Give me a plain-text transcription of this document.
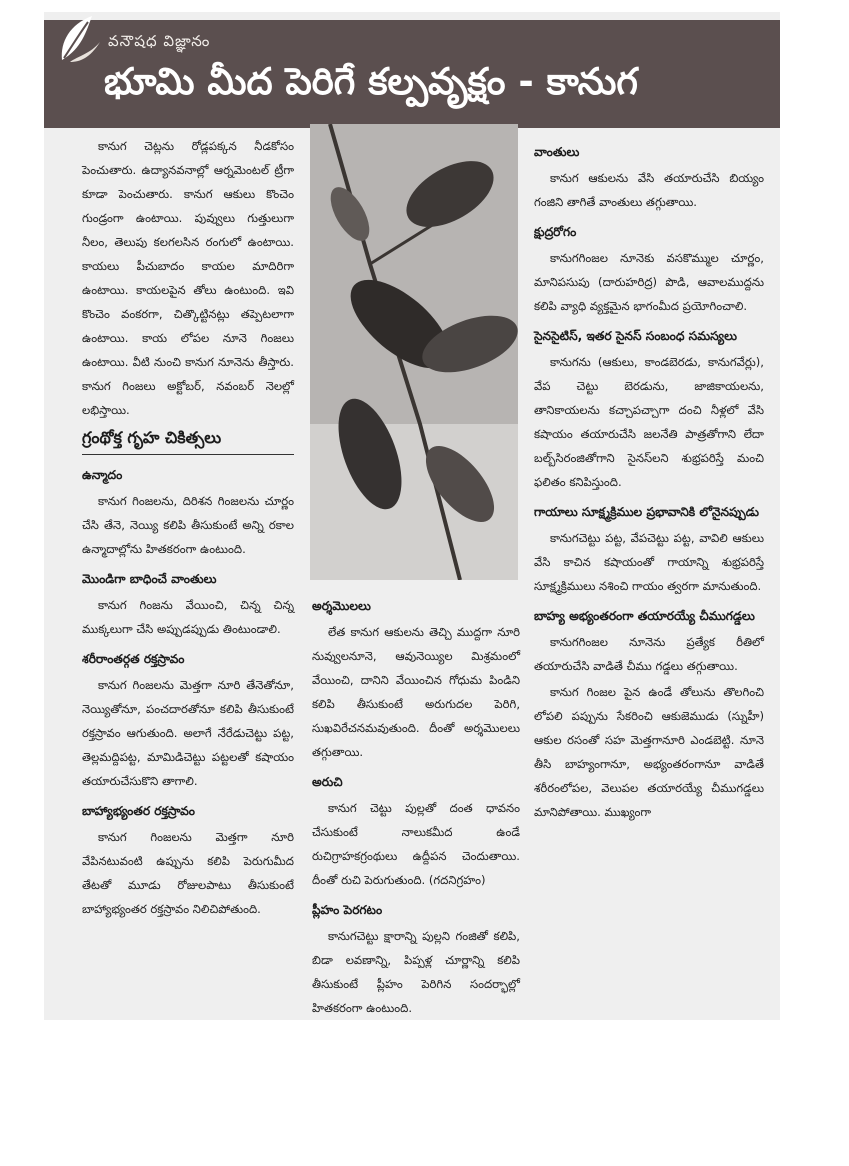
వనౌషధ విజ్ఞానం
భూమి మీద పెరిగే కల్పవృక్షం - కానుగ

కానుగ చెట్లను రోడ్లపక్కన నీడకోసం పెంచుతారు. ఉద్యానవనాల్లో ఆర్నమెంటల్ ట్రీగా కూడా పెంచుతారు. కానుగ ఆకులు కొంచెం గుండ్రంగా ఉంటాయి. పువ్వులు గుత్తులుగా నీలం, తెలుపు కలగలసిన రంగులో ఉంటాయి. కాయలు పీచుబాదం కాయల మాదిరిగా ఉంటాయి. కాయలపైన తోలు ఉంటుంది. ఇవి కొంచెం వంకరగా, చిత్కొట్టినట్లు తప్పెటలాగా ఉంటాయి. కాయ లోపల నూనె గింజలు ఉంటాయి. వీటి నుంచి కానుగ నూనెను తీస్తారు. కానుగ గింజలు అక్టోబర్, నవంబర్ నెలల్లో లభిస్తాయి.

గ్రంథోక్త గృహ చికిత్సలు
ఉన్మాదం

కానుగ గింజలను, దిరిశన గింజలను చూర్ణం చేసి తేనె, నెయ్యి కలిపి తీసుకుంటే అన్ని రకాల ఉన్మాదాల్లోను హితకరంగా ఉంటుంది.

మొండిగా బాధించే వాంతులు

కానుగ గింజను వేయించి, చిన్న చిన్న ముక్కలుగా చేసి అప్పుడప్పుడు తింటుండాలి.

శరీరాంతర్గత రక్తస్రావం

కానుగ గింజలను మెత్తగా నూరి తేనెతోనూ, నెయ్యితోనూ, పంచదారతోనూ కలిపి తీసుకుంటే రక్తస్రావం ఆగుతుంది. అలాగే నేరేడుచెట్టు పట్ట, తెల్లమద్దిపట్ట, మామిడిచెట్టు పట్టలతో కషాయం తయారుచేసుకొని తాగాలి.

బాహ్యాభ్యంతర రక్తస్రావం

కానుగ గింజలను మెత్తగా నూరి వేపినటువంటి ఉప్పును కలిపి పెరుగుమీద తేటతో మూడు రోజులపాటు తీసుకుంటే బాహ్యాభ్యంతర రక్తస్రావం నిలిచిపోతుంది.

అర్శమొలలు

లేత కానుగ ఆకులను తెచ్చి ముద్దగా నూరి నువ్వులనూనె, ఆవునెయ్యిల మిశ్రమంలో వేయించి, దానిని వేయించిన గోధుమ పిండిని కలిపి తీసుకుంటే అరుగుదల పెరిగి, సుఖవిరేచనమవుతుంది. దీంతో అర్శమొలలు తగ్గుతాయి.

అరుచి

కానుగ చెట్టు పుల్లతో దంత ధావనం చేసుకుంటే నాలుకమీద ఉండే రుచిగ్రాహకగ్రంథులు ఉద్దీపన చెందుతాయి. దీంతో రుచి పెరుగుతుంది. (గదనిగ్రహం)

ప్లీహం పెరగటం

కానుగచెట్టు క్షారాన్ని పుల్లని గంజితో కలిపి, బిడా లవణాన్ని, పిప్పళ్ల చూర్ణాన్ని కలిపి తీసుకుంటే ప్లీహం పెరిగిన సందర్భాల్లో హితకరంగా ఉంటుంది.

వాంతులు

కానుగ ఆకులను వేసి తయారుచేసి బియ్యం గంజిని తాగితే వాంతులు తగ్గుతాయి.

క్షుద్రరోగం

కానుగగింజల నూనెకు వసకొమ్ముల చూర్ణం, మానిపసుపు (దారుహరిద్ర) పొడి, ఆవాలముద్దను కలిపి వ్యాధి వ్యక్తమైన భాగంమీద ప్రయోగించాలి.

సైనసైటిస్, ఇతర సైనస్ సంబంధ సమస్యలు

కానుగను (ఆకులు, కాండబెరడు, కానుగవేర్లు), వేప చెట్టు బెరడును, జాజికాయలను, తానికాయలను కచ్చాపచ్చాగా దంచి నీళ్లలో వేసి కషాయం తయారుచేసి జలనేతి పాత్రతోగాని లేదా బల్బ్‌సిరంజితోగాని సైనస్‌లని శుభ్రపరిస్తే మంచి ఫలితం కనిపిస్తుంది.

గాయాలు సూక్ష్మక్రిముల ప్రభావానికి లోనైనప్పుడు

కానుగచెట్టు పట్ట, వేపచెట్టు పట్ట, వావిలి ఆకులు వేసి కాచిన కషాయంతో గాయాన్ని శుభ్రపరిస్తే సూక్ష్మక్రిములు నశించి గాయం త్వరగా మానుతుంది.

బాహ్య అభ్యంతరంగా తయారయ్యే చీముగడ్డలు

కానుగగింజల నూనెను ప్రత్యేక రీతిలో తయారుచేసి వాడితే చీము గడ్డలు తగ్గుతాయి.

కానుగ గింజల పైన ఉండే తోలును తొలగించి లోపలి పప్పును సేకరించి ఆకుజెముడు (స్నుహీ) ఆకుల రసంతో సహ మెత్తగానూరి ఎండబెట్టి. నూనె తీసి బాహ్యంగానూ, అభ్యంతరంగానూ వాడితే శరీరంలోపల, వెలుపల తయారయ్యే చీముగడ్డలు మానిపోతాయి. ముఖ్యంగా
